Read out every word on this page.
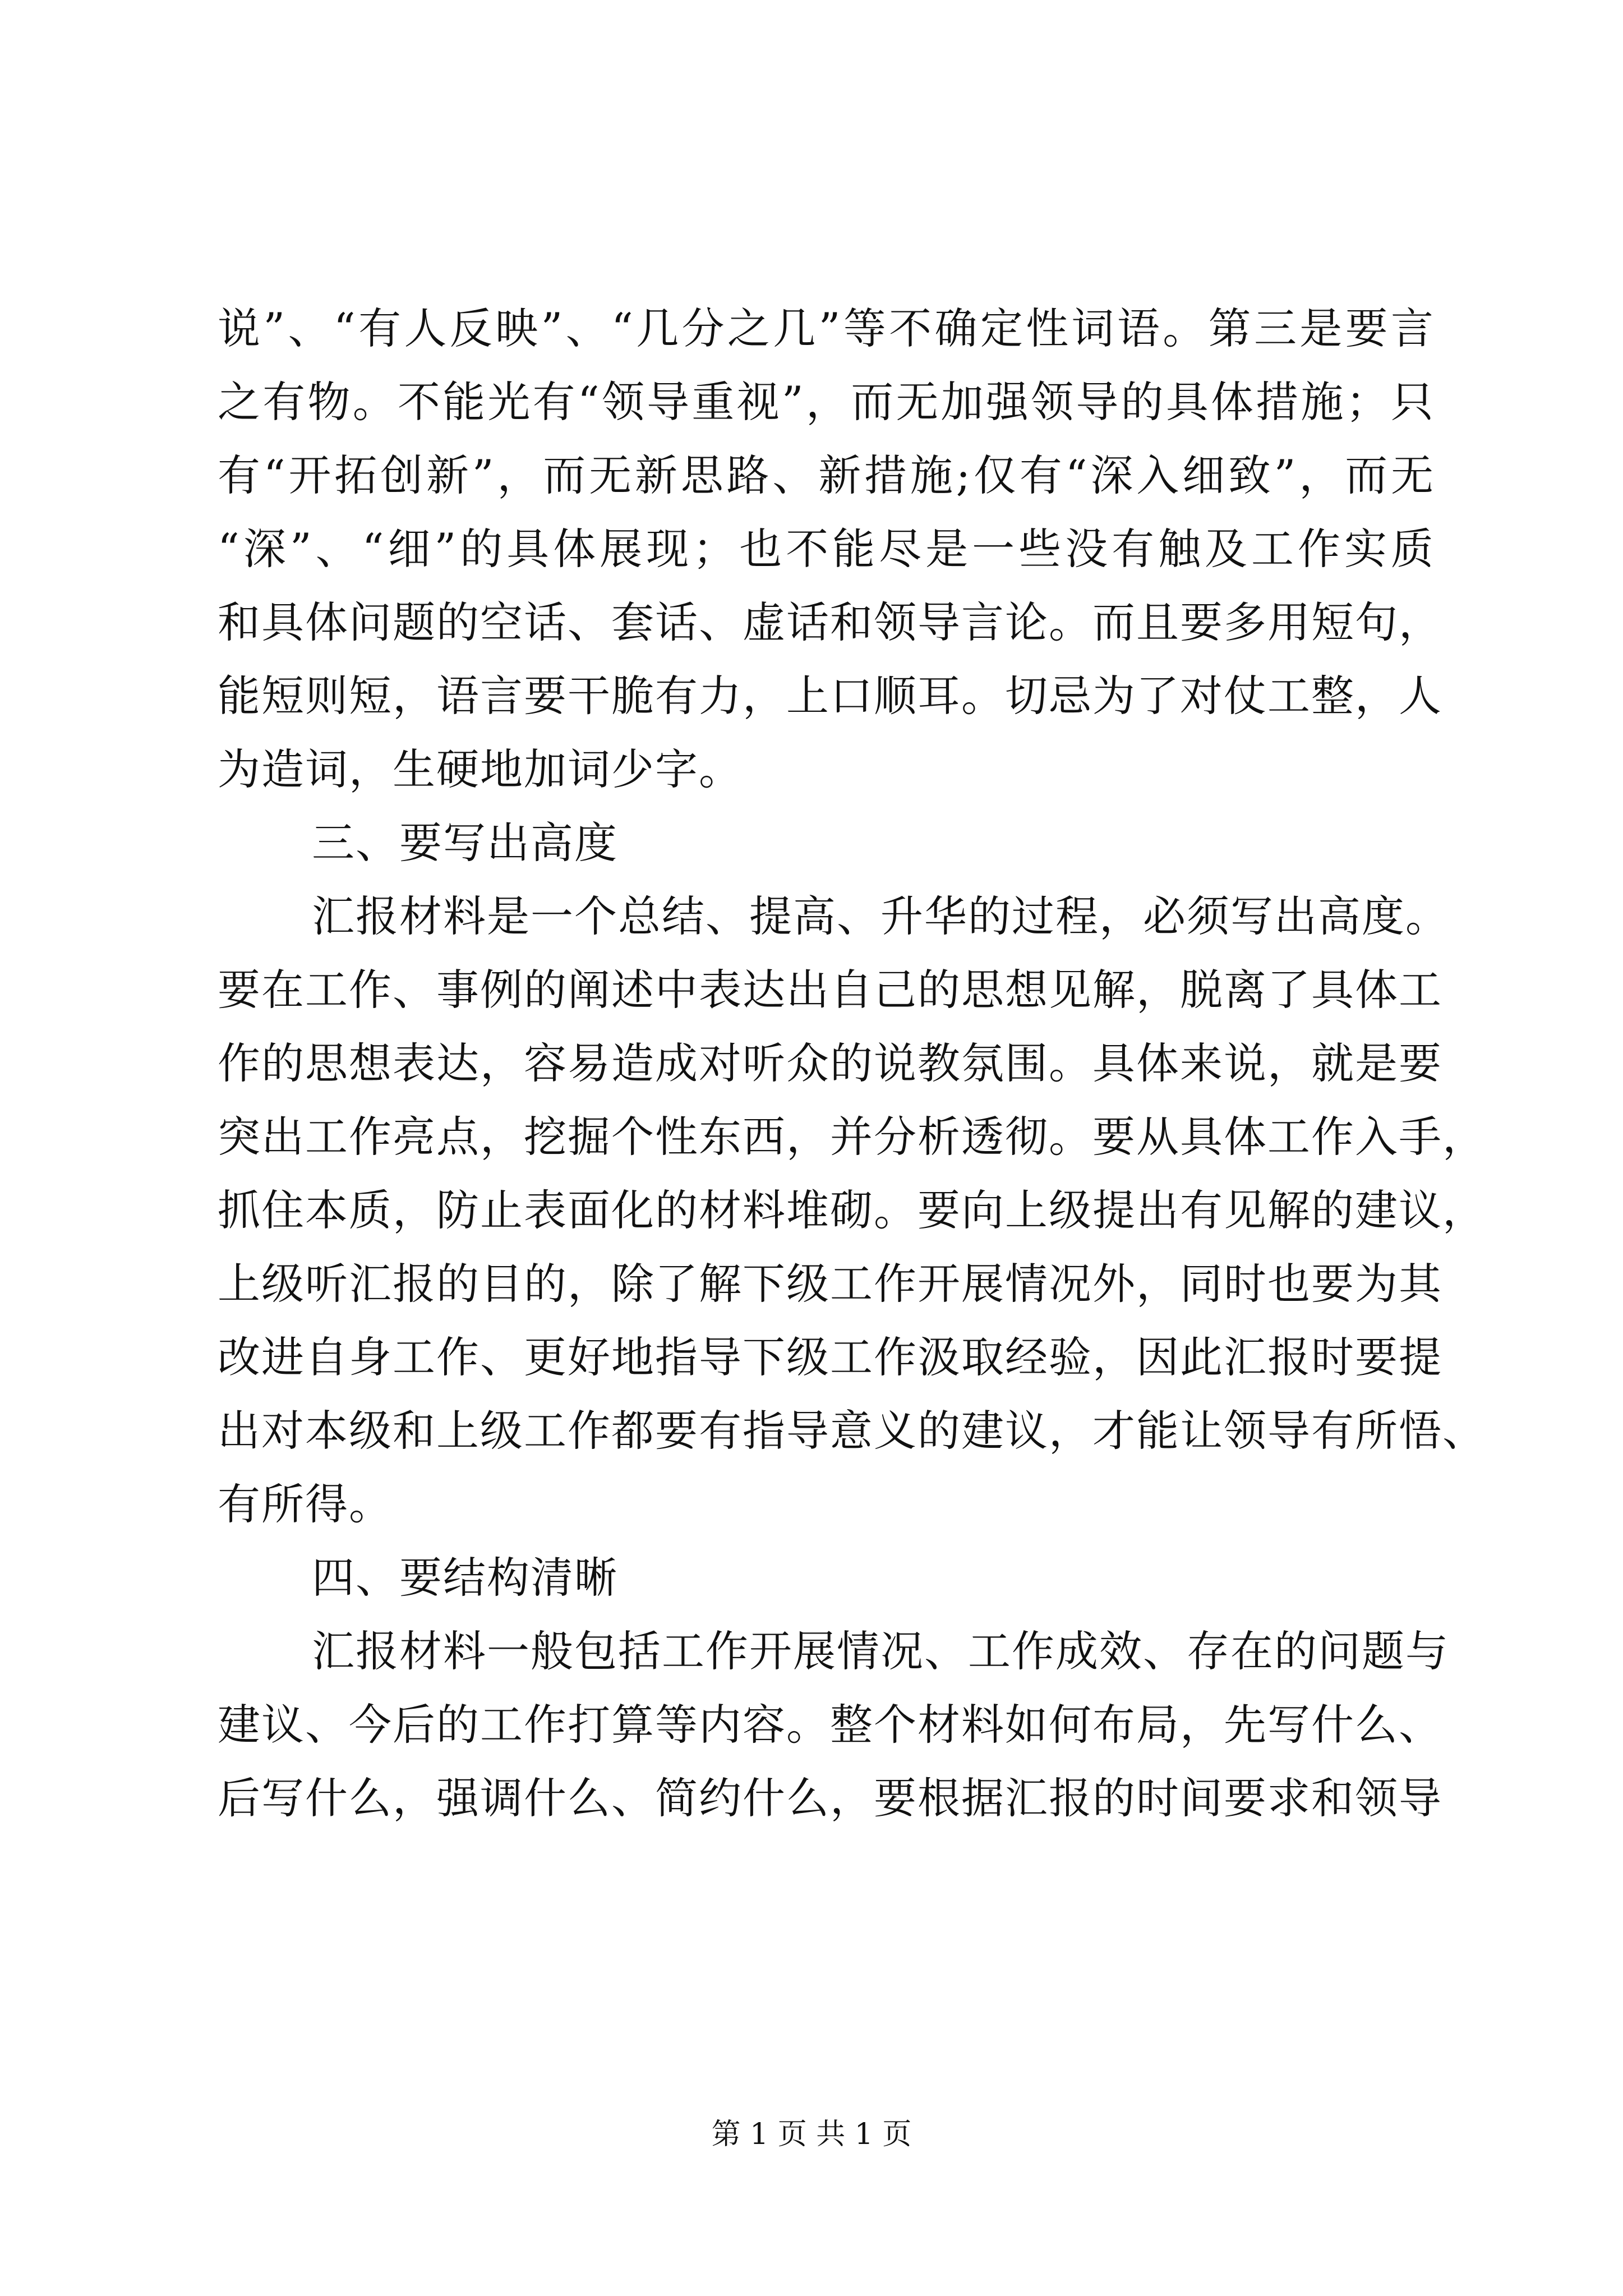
说”、“有人反映”、“几分之几”等不确定性词语。第三是要言
之有物。不能光有“领导重视”，而无加强领导的具体措施；只
有“开拓创新”，而无新思路、新措施;仅有“深入细致”，而无
“深”、“细”的具体展现；也不能尽是一些没有触及工作实质
和具体问题的空话、套话、虚话和领导言论。而且要多用短句，
能短则短，语言要干脆有力，上口顺耳。切忌为了对仗工整，人
为造词，生硬地加词少字。
三、要写出高度
汇报材料是一个总结、提高、升华的过程，必须写出高度。
要在工作、事例的阐述中表达出自己的思想见解，脱离了具体工
作的思想表达，容易造成对听众的说教氛围。具体来说，就是要
突出工作亮点，挖掘个性东西，并分析透彻。要从具体工作入手，
抓住本质，防止表面化的材料堆砌。要向上级提出有见解的建议，
上级听汇报的目的，除了解下级工作开展情况外，同时也要为其
改进自身工作、更好地指导下级工作汲取经验，因此汇报时要提
出对本级和上级工作都要有指导意义的建议，才能让领导有所悟、
有所得。
四、要结构清晰
汇报材料一般包括工作开展情况、工作成效、存在的问题与
建议、今后的工作打算等内容。整个材料如何布局，先写什么、
后写什么，强调什么、简约什么，要根据汇报的时间要求和领导
第 1 页 共 1 页
